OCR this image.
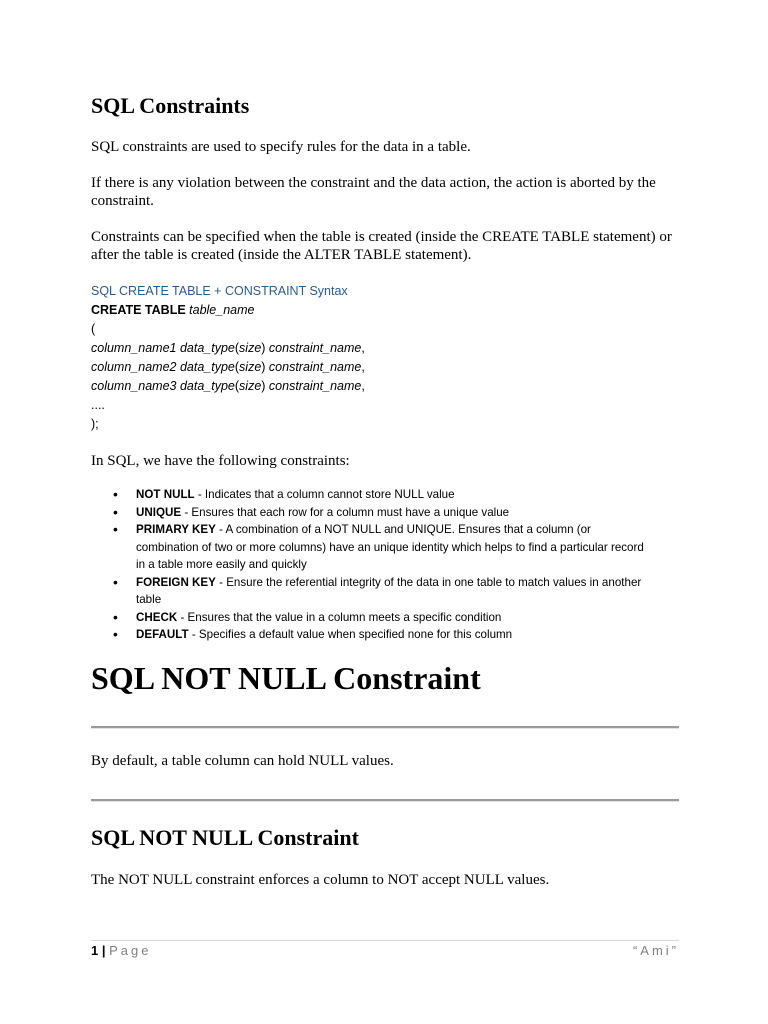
SQL Constraints
SQL constraints are used to specify rules for the data in a table.
If there is any violation between the constraint and the data action, the action is aborted by the constraint.
Constraints can be specified when the table is created (inside the CREATE TABLE statement) or after the table is created (inside the ALTER TABLE statement).
SQL CREATE TABLE + CONSTRAINT Syntax
CREATE TABLE table_name
(
column_name1 data_type(size) constraint_name,
column_name2 data_type(size) constraint_name,
column_name3 data_type(size) constraint_name,
....
);
In SQL, we have the following constraints:
• NOT NULL - Indicates that a column cannot store NULL value
• UNIQUE - Ensures that each row for a column must have a unique value
• PRIMARY KEY - A combination of a NOT NULL and UNIQUE. Ensures that a column (or combination of two or more columns) have an unique identity which helps to find a particular record in a table more easily and quickly
• FOREIGN KEY - Ensure the referential integrity of the data in one table to match values in another table
• CHECK - Ensures that the value in a column meets a specific condition
• DEFAULT - Specifies a default value when specified none for this column
SQL NOT NULL Constraint
By default, a table column can hold NULL values.
SQL NOT NULL Constraint
The NOT NULL constraint enforces a column to NOT accept NULL values.
1 | Page	“Ami”
